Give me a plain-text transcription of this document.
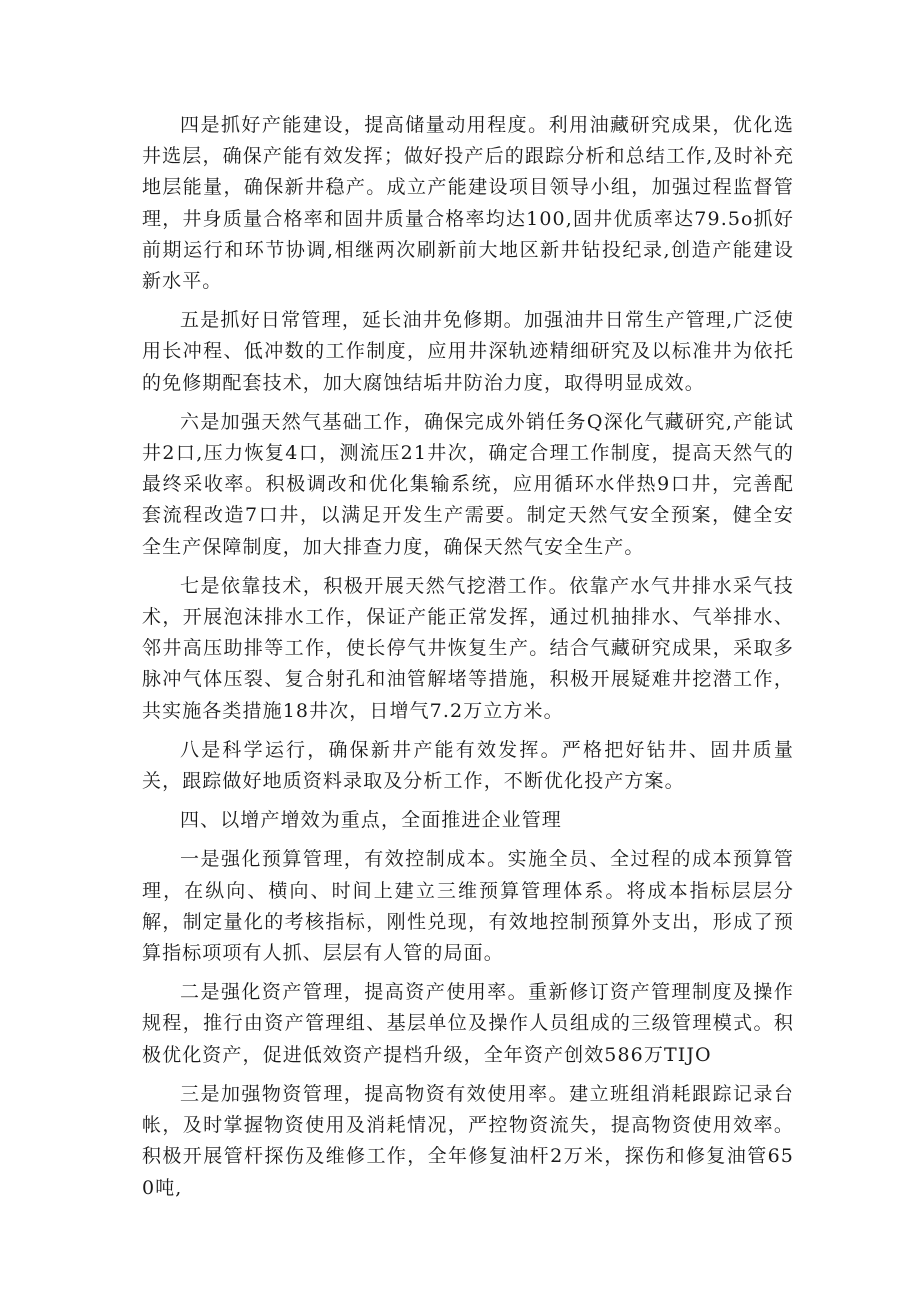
四是抓好产能建设，提高储量动用程度。利用油藏研究成果，优化选井选层，确保产能有效发挥；做好投产后的跟踪分析和总结工作,及时补充地层能量，确保新井稳产。成立产能建设项目领导小组，加强过程监督管理，井身质量合格率和固井质量合格率均达100,固井优质率达79.5o抓好前期运行和环节协调,相继两次刷新前大地区新井钻投纪录,创造产能建设新水平。

五是抓好日常管理，延长油井免修期。加强油井日常生产管理,广泛使用长冲程、低冲数的工作制度，应用井深轨迹精细研究及以标准井为依托的免修期配套技术，加大腐蚀结垢井防治力度，取得明显成效。

六是加强天然气基础工作，确保完成外销任务Q深化气藏研究,产能试井2口,压力恢复4口，测流压21井次，确定合理工作制度，提高天然气的最终采收率。积极调改和优化集输系统，应用循环水伴热9口井，完善配套流程改造7口井，以满足开发生产需要。制定天然气安全预案，健全安全生产保障制度，加大排查力度，确保天然气安全生产。

七是依靠技术，积极开展天然气挖潜工作。依靠产水气井排水采气技术，开展泡沫排水工作，保证产能正常发挥，通过机抽排水、气举排水、邻井高压助排等工作，使长停气井恢复生产。结合气藏研究成果，采取多脉冲气体压裂、复合射孔和油管解堵等措施，积极开展疑难井挖潜工作，共实施各类措施18井次，日增气7.2万立方米。

八是科学运行，确保新井产能有效发挥。严格把好钻井、固井质量关，跟踪做好地质资料录取及分析工作，不断优化投产方案。

四、以增产增效为重点，全面推进企业管理

一是强化预算管理，有效控制成本。实施全员、全过程的成本预算管理，在纵向、横向、时间上建立三维预算管理体系。将成本指标层层分解，制定量化的考核指标，刚性兑现，有效地控制预算外支出，形成了预算指标项项有人抓、层层有人管的局面。

二是强化资产管理，提高资产使用率。重新修订资产管理制度及操作规程，推行由资产管理组、基层单位及操作人员组成的三级管理模式。积极优化资产，促进低效资产提档升级，全年资产创效586万TIJO

三是加强物资管理，提高物资有效使用率。建立班组消耗跟踪记录台帐，及时掌握物资使用及消耗情况，严控物资流失，提高物资使用效率。积极开展管杆探伤及维修工作，全年修复油杆2万米，探伤和修复油管650吨,
